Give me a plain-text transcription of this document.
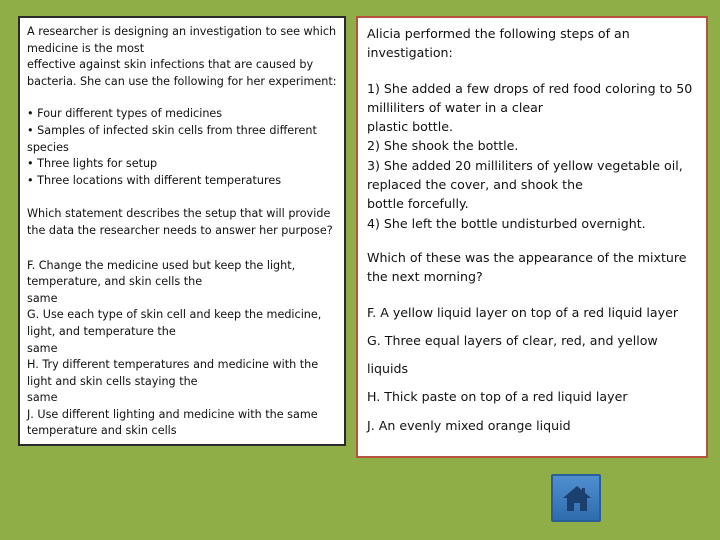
A researcher is designing an investigation to see which
medicine is the most
effective against skin infections that are caused by
bacteria. She can use the following for her experiment:
• Four different types of medicines
• Samples of infected skin cells from three different
species
• Three lights for setup
• Three locations with different temperatures
Which statement describes the setup that will provide
the data the researcher needs to answer her purpose?
F. Change the medicine used but keep the light,
temperature, and skin cells the
same
G. Use each type of skin cell and keep the medicine,
light, and temperature the
same
H. Try different temperatures and medicine with the
light and skin cells staying the
same
J. Use different lighting and medicine with the same
temperature and skin cells
Alicia performed the following steps of an
investigation:
1) She added a few drops of red food coloring to 50
milliliters of water in a clear
plastic bottle.
2) She shook the bottle.
3) She added 20 milliliters of yellow vegetable oil,
replaced the cover, and shook the
bottle forcefully.
4) She left the bottle undisturbed overnight.
Which of these was the appearance of the mixture
the next morning?
F. A yellow liquid layer on top of a red liquid layer
G. Three equal layers of clear, red, and yellow
liquids
H. Thick paste on top of a red liquid layer
J. An evenly mixed orange liquid
